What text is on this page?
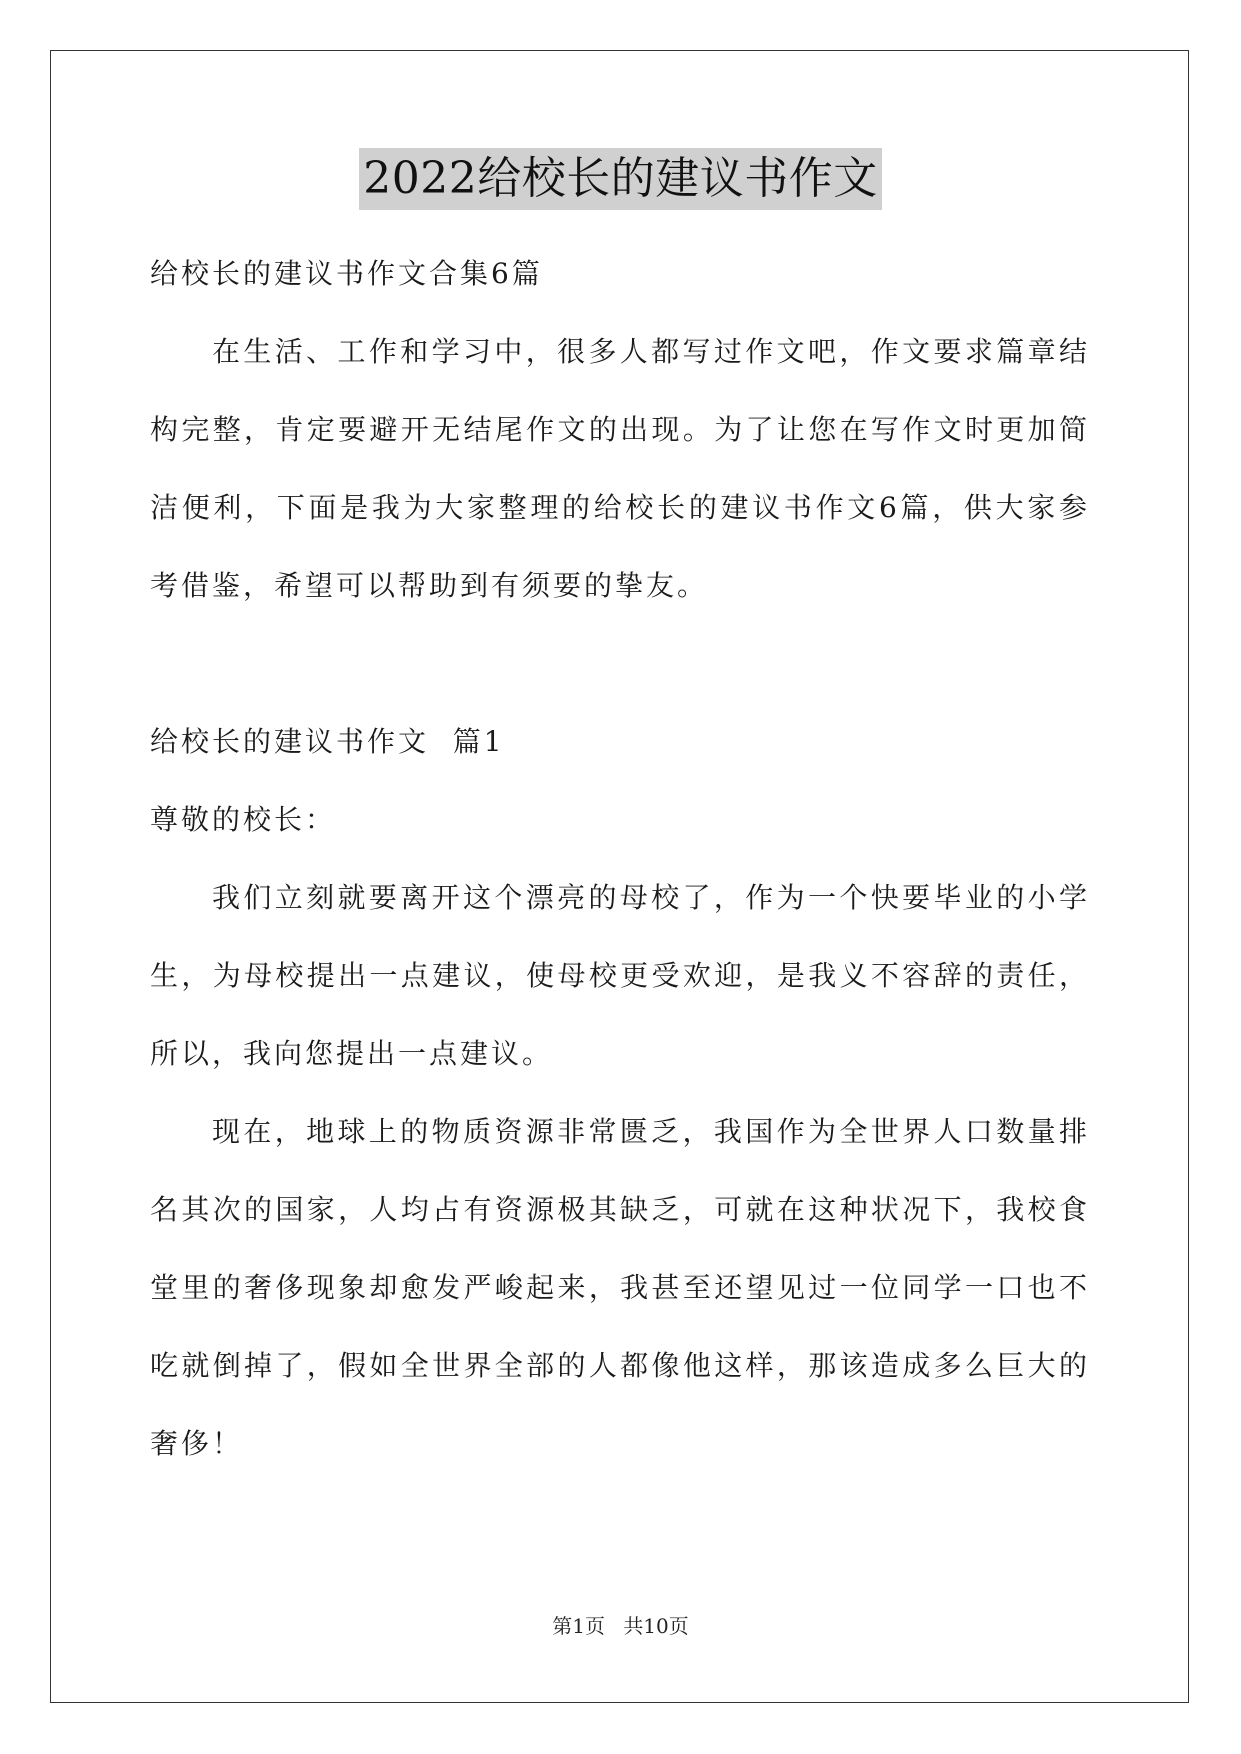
2022给校长的建议书作文
给校长的建议书作文合集6篇
在生活、工作和学习中，很多人都写过作文吧，作文要求篇章结构完整，肯定要避开无结尾作文的出现。为了让您在写作文时更加简洁便利，下面是我为大家整理的给校长的建议书作文6篇，供大家参考借鉴，希望可以帮助到有须要的挚友。
给校长的建议书作文  篇1
尊敬的校长：
我们立刻就要离开这个漂亮的母校了，作为一个快要毕业的小学生，为母校提出一点建议，使母校更受欢迎，是我义不容辞的责任，所以，我向您提出一点建议。
现在，地球上的物质资源非常匮乏，我国作为全世界人口数量排名其次的国家，人均占有资源极其缺乏，可就在这种状况下，我校食堂里的奢侈现象却愈发严峻起来，我甚至还望见过一位同学一口也不吃就倒掉了，假如全世界全部的人都像他这样，那该造成多么巨大的奢侈！
第1页 共10页
